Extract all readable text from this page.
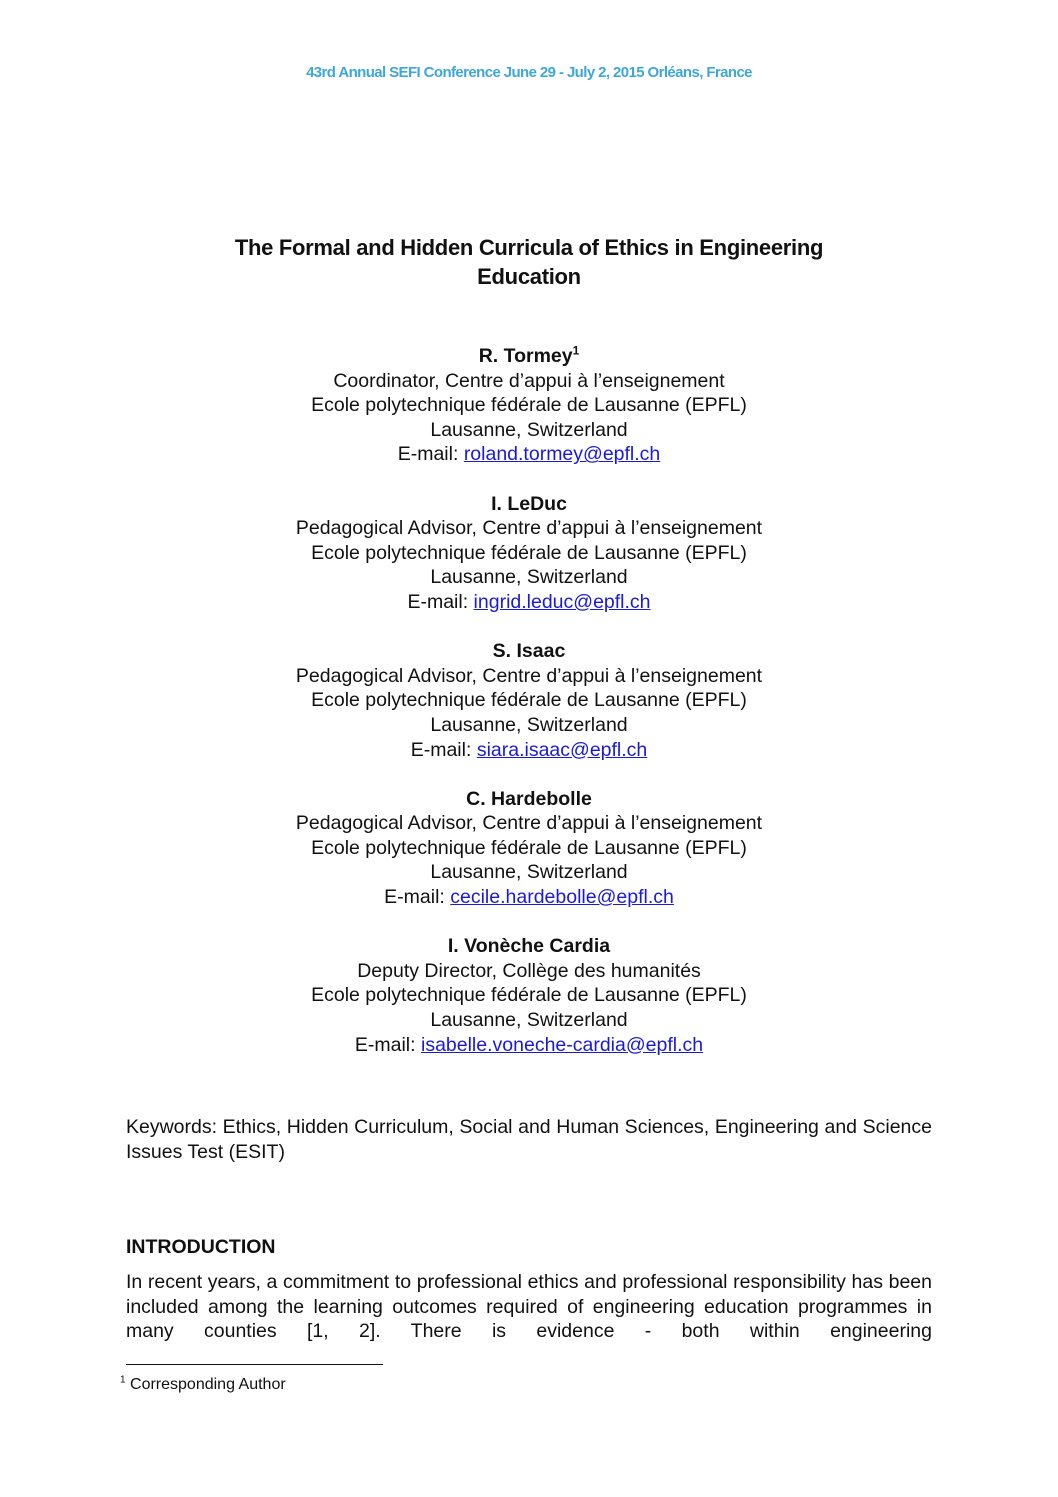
43rd Annual SEFI Conference June 29 - July 2, 2015 Orléans, France
The Formal and Hidden Curricula of Ethics in Engineering
Education
R. Tormey$^1$
Coordinator, Centre d’appui à l’enseignement
Ecole polytechnique fédérale de Lausanne (EPFL)
Lausanne, Switzerland
E-mail: roland.tormey@epfl.ch
I. LeDuc
Pedagogical Advisor, Centre d’appui à l’enseignement
Ecole polytechnique fédérale de Lausanne (EPFL)
Lausanne, Switzerland
E-mail: ingrid.leduc@epfl.ch
S. Isaac
Pedagogical Advisor, Centre d’appui à l’enseignement
Ecole polytechnique fédérale de Lausanne (EPFL)
Lausanne, Switzerland
E-mail: siara.isaac@epfl.ch
C. Hardebolle
Pedagogical Advisor, Centre d’appui à l’enseignement
Ecole polytechnique fédérale de Lausanne (EPFL)
Lausanne, Switzerland
E-mail: cecile.hardebolle@epfl.ch
I. Vonèche Cardia
Deputy Director, Collège des humanités
Ecole polytechnique fédérale de Lausanne (EPFL)
Lausanne, Switzerland
E-mail: isabelle.voneche-cardia@epfl.ch
Keywords: Ethics, Hidden Curriculum, Social and Human Sciences, Engineering and Science Issues Test (ESIT)
INTRODUCTION
In recent years, a commitment to professional ethics and professional responsibility has been included among the learning outcomes required of engineering education programmes in many counties [1, 2]. There is evidence - both within engineering
$^1$ Corresponding Author
